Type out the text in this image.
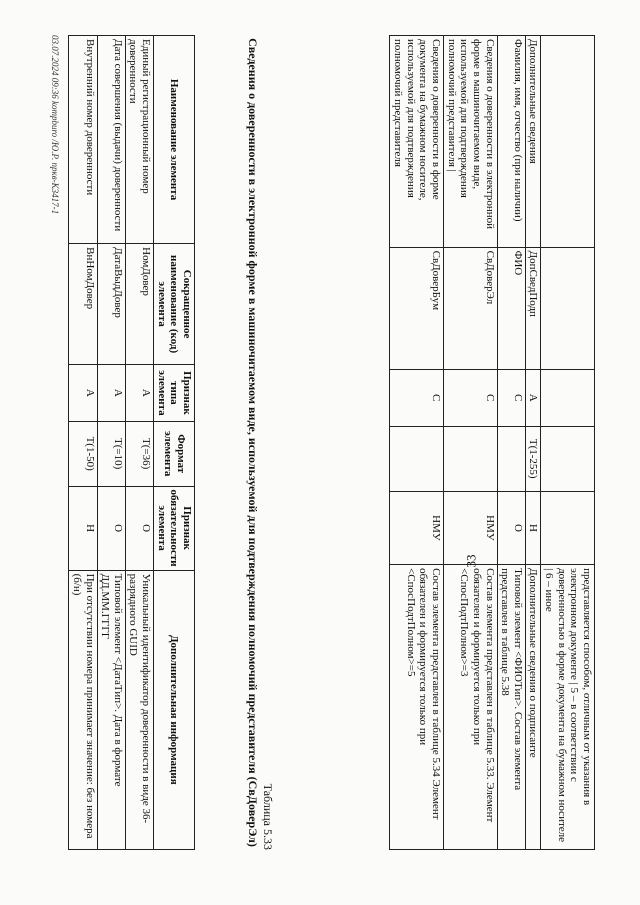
					представляется способом, отличным от указания в электронном документе | 5 – в соответствии с доверенностью в форме документа на бумажном носителе | 6 – иное
Дополнительные сведения	ДопСведПодп	А	Т(1-255)	Н	Дополнительные сведения о подписанте
Фамилия, имя, отчество (при наличии)	ФИО	С		О	Типовой элемент <ФИОТип>. Состав элемента представлен в таблице 5.38
Сведения о доверенности в электронной форме в машиночитаемом виде, используемой для подтверждения полномочий представителя |	СвДоверЭл	С		НМУ	Состав элемента представлен в таблице 5.33. Элемент обязателен и формируется только при <СпосПодтПолном>=3
Сведения о доверенности в форме документа на бумажном носителе, используемой для подтверждения полномочий представителя	СвДоверБум	С		НМУ	Состав элемента представлен в таблице 5.34 Элемент обязателен и формируется только при <СпосПодтПолном>=5
Таблица 5.33
Сведения о доверенности в электронной форме в машиночитаемом виде, используемой для подтверждения полномочий представителя (СвДоверЭл)
Наименование элемента	Сокращенное наименование (код) элемента	Признак типа элемента	Формат элемента	Признак обязательности элемента	Дополнительная информация
Единый регистрационный номер доверенности	НомДовер	А	Т(=36)	О	Уникальный идентификатор доверенности в виде 36-разрядного GUID
Дата совершения (выдачи) доверенности	ДатаВыдДовер	А	Т(=10)	О	Типовой элемент <ДатаТип>. Дата в формате ДД.ММ.ГГГГ
Внутренний номер доверенности	ВнНомДовер	А	Т(1-50)	Н	При отсутствии номера принимает значение: без номера (б/н)
03.07.2024 09:36 kompburo /Ю.Р. пркв-К3417-1
33
